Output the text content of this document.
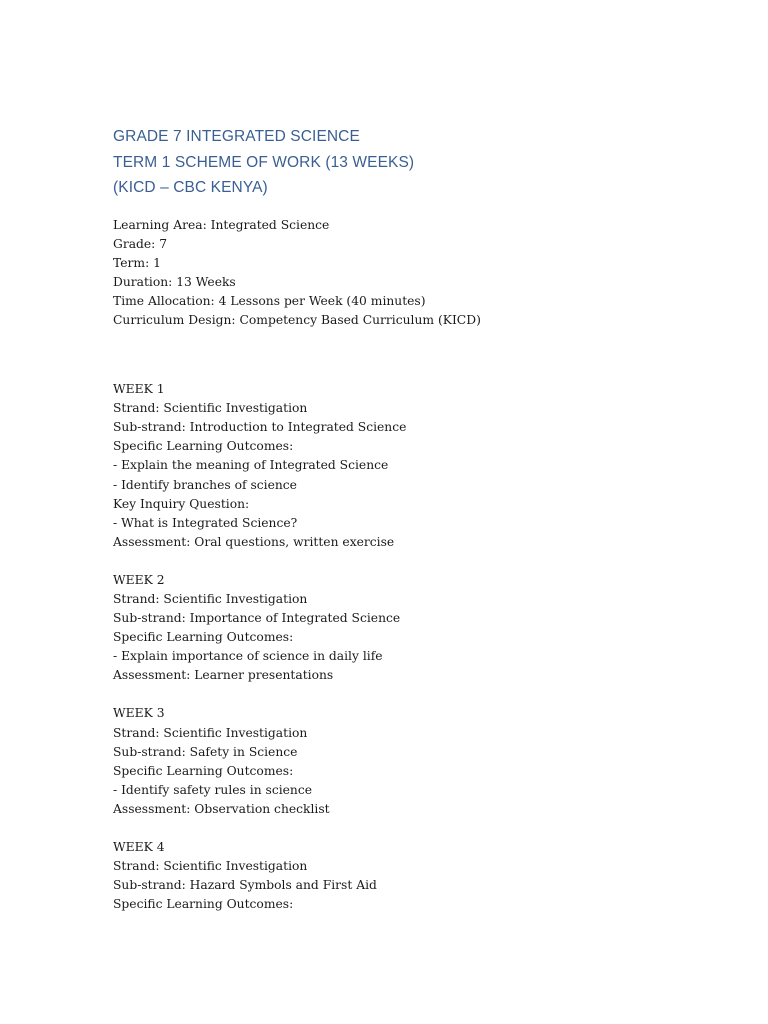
GRADE 7 INTEGRATED SCIENCE
TERM 1 SCHEME OF WORK (13 WEEKS)
(KICD – CBC KENYA)
Learning Area: Integrated Science
Grade: 7
Term: 1
Duration: 13 Weeks
Time Allocation: 4 Lessons per Week (40 minutes)
Curriculum Design: Competency Based Curriculum (KICD)
WEEK 1
Strand: Scientific Investigation
Sub-strand: Introduction to Integrated Science
Specific Learning Outcomes:
- Explain the meaning of Integrated Science
- Identify branches of science
Key Inquiry Question:
- What is Integrated Science?
Assessment: Oral questions, written exercise
WEEK 2
Strand: Scientific Investigation
Sub-strand: Importance of Integrated Science
Specific Learning Outcomes:
- Explain importance of science in daily life
Assessment: Learner presentations
WEEK 3
Strand: Scientific Investigation
Sub-strand: Safety in Science
Specific Learning Outcomes:
- Identify safety rules in science
Assessment: Observation checklist
WEEK 4
Strand: Scientific Investigation
Sub-strand: Hazard Symbols and First Aid
Specific Learning Outcomes:
